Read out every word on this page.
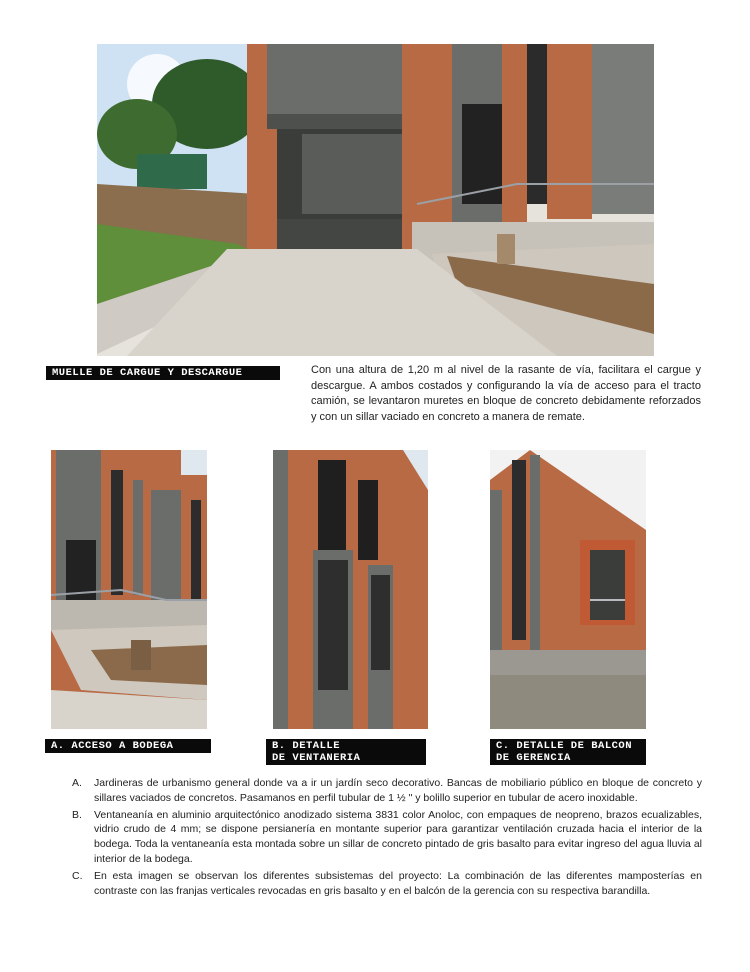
MUELLE DE CARGUE Y DESCARGUE	Con una altura de 1,20 m al nivel de la rasante de vía, facilitara el cargue y descargue. A ambos costados y configurando la vía de acceso para el tracto camión, se levantaron muretes en bloque de concreto debidamente reforzados y con un sillar vaciado en concreto a manera de remate.
A. ACCESO A BODEGA	B. DETALLE
DE VENTANERIA
C. DETALLE DE BALCON
DE GERENCIA
A. Jardineras de urbanismo general donde va a ir un jardín seco decorativo. Bancas de mobiliario público en bloque de concreto y sillares vaciados de concretos. Pasamanos en perfil tubular de 1 ½ " y bolillo superior en tubular de acero inoxidable.
B. Ventaneanía en aluminio arquitectónico anodizado sistema 3831 color Anoloc, con empaques de neopreno, brazos ecualizables, vidrio crudo de 4 mm; se dispone persianería en montante superior para garantizar ventilación cruzada hacia el interior de la bodega. Toda la ventaneanía esta montada sobre un sillar de concreto pintado de gris basalto para evitar ingreso del agua lluvia al interior de la bodega.
C. En esta imagen se observan los diferentes subsistemas del proyecto: La combinación de las diferentes mamposterías en contraste con las franjas verticales revocadas en gris basalto y en el balcón de la gerencia con su respectiva barandilla.
